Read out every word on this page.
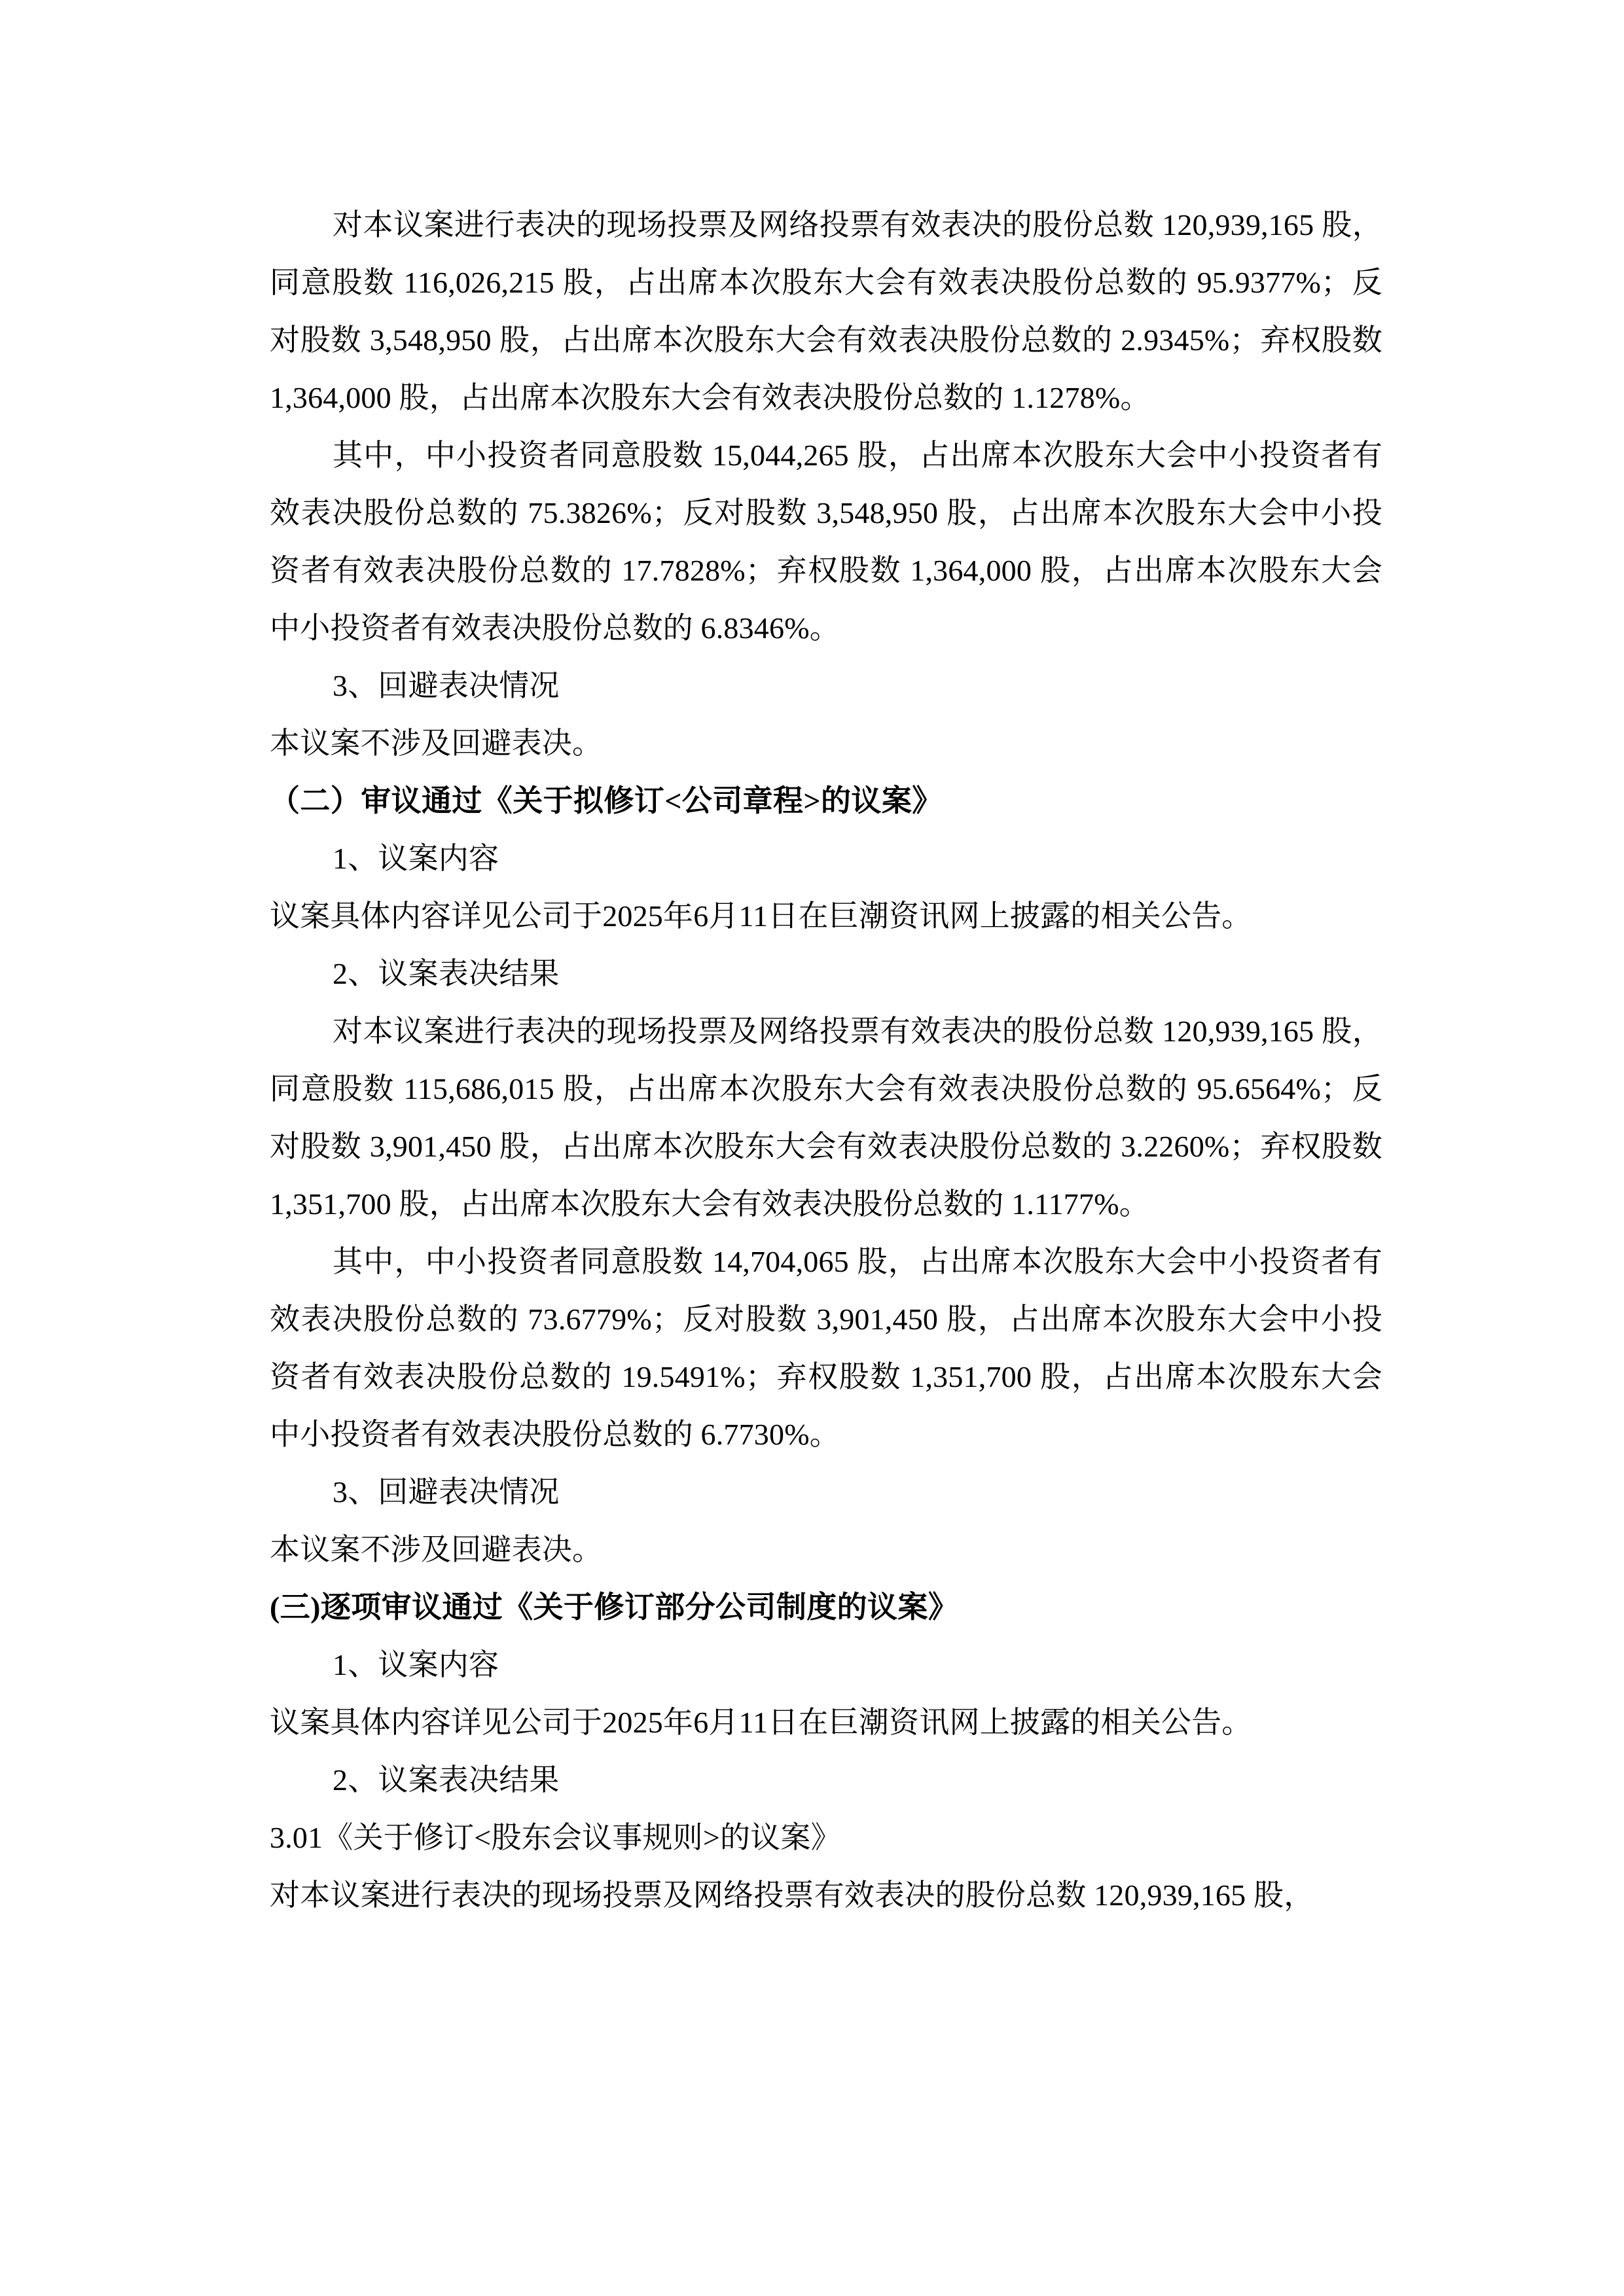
对本议案进行表决的现场投票及网络投票有效表决的股份总数 120,939,165 股，同意股数 116,026,215 股，占出席本次股东大会有效表决股份总数的 95.9377%；反对股数 3,548,950 股，占出席本次股东大会有效表决股份总数的 2.9345%；弃权股数 1,364,000 股，占出席本次股东大会有效表决股份总数的 1.1278%。

其中，中小投资者同意股数 15,044,265 股，占出席本次股东大会中小投资者有效表决股份总数的 75.3826%；反对股数 3,548,950 股，占出席本次股东大会中小投资者有效表决股份总数的 17.7828%；弃权股数 1,364,000 股，占出席本次股东大会中小投资者有效表决股份总数的 6.8346%。

3、回避表决情况

本议案不涉及回避表决。

（二）审议通过《关于拟修订<公司章程>的议案》

1、议案内容

议案具体内容详见公司于2025年6月11日在巨潮资讯网上披露的相关公告。

2、议案表决结果

对本议案进行表决的现场投票及网络投票有效表决的股份总数 120,939,165 股，同意股数 115,686,015 股，占出席本次股东大会有效表决股份总数的 95.6564%；反对股数 3,901,450 股，占出席本次股东大会有效表决股份总数的 3.2260%；弃权股数 1,351,700 股，占出席本次股东大会有效表决股份总数的 1.1177%。

其中，中小投资者同意股数 14,704,065 股，占出席本次股东大会中小投资者有效表决股份总数的 73.6779%；反对股数 3,901,450 股，占出席本次股东大会中小投资者有效表决股份总数的 19.5491%；弃权股数 1,351,700 股，占出席本次股东大会中小投资者有效表决股份总数的 6.7730%。

3、回避表决情况

本议案不涉及回避表决。

(三)逐项审议通过《关于修订部分公司制度的议案》

1、议案内容

议案具体内容详见公司于2025年6月11日在巨潮资讯网上披露的相关公告。

2、议案表决结果

3.01《关于修订<股东会议事规则>的议案》

对本议案进行表决的现场投票及网络投票有效表决的股份总数 120,939,165 股，
